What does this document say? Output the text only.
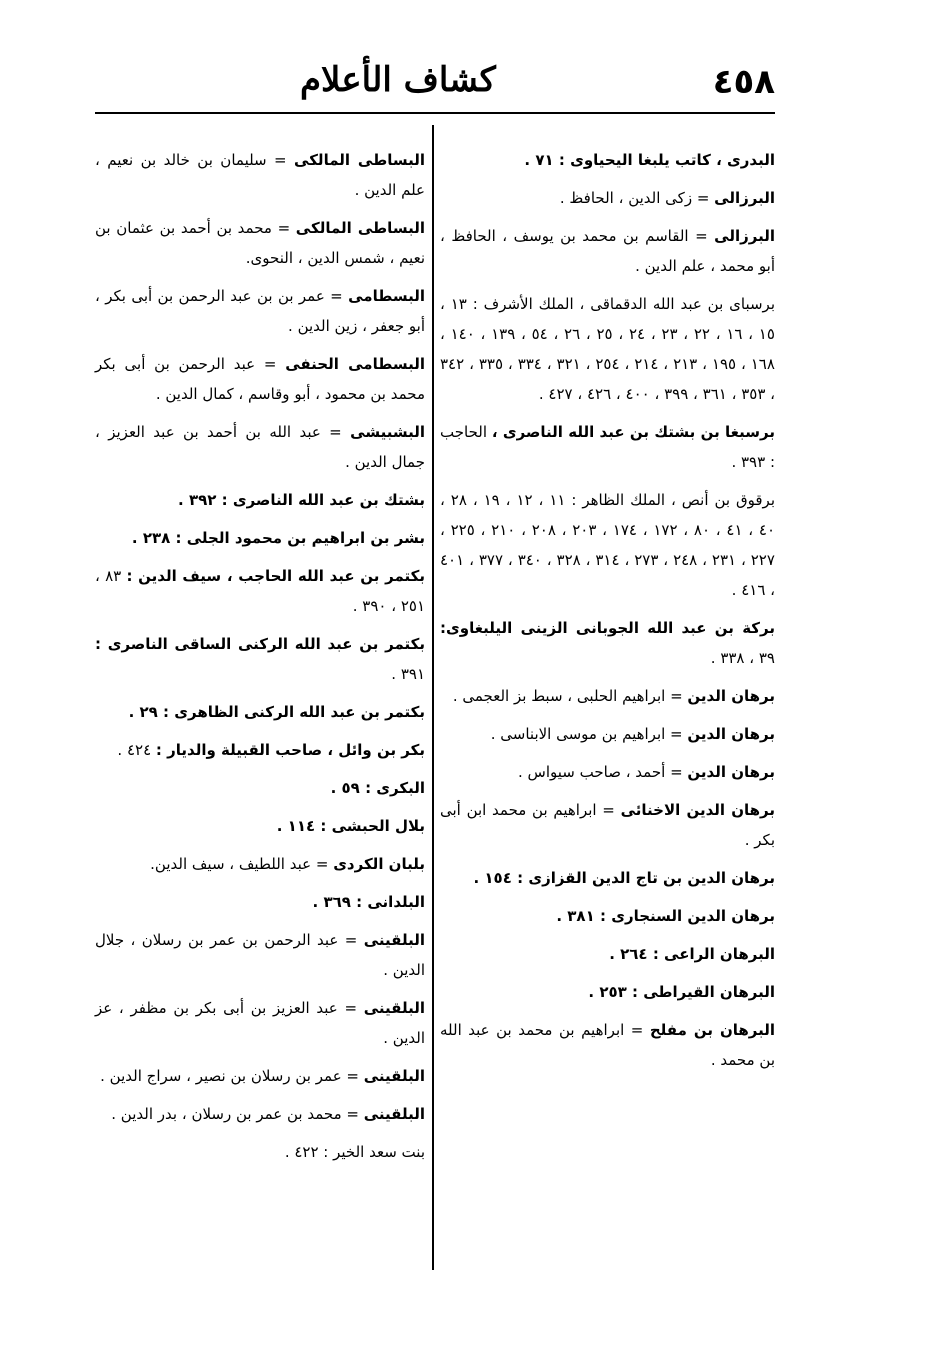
٤٥٨
كشاف الأعلام
البدرى ، كاتب يلبغا اليحياوى : ٧١ .
البرزالى = زكى الدين ، الحافظ .
البرزالى = القاسم بن محمد بن يوسف ، الحافظ ، أبو محمد ، علم الدين .
برسباى بن عبد الله الدقماقى ، الملك الأشرف : ١٣ ، ١٥ ، ١٦ ، ٢٢ ، ٢٣ ، ٢٤ ، ٢٥ ، ٢٦ ، ٥٤ ، ١٣٩ ، ١٤٠ ، ١٦٨ ، ١٩٥ ، ٢١٣ ، ٢١٤ ، ٢٥٤ ، ٣٢١ ، ٣٣٤ ، ٣٣٥ ، ٣٤٢ ، ٣٥٣ ، ٣٦١ ، ٣٩٩ ، ٤٠٠ ، ٤٢٦ ، ٤٢٧ .
برسبغا بن بشتك بن عبد الله الناصرى ، الحاجب : ٣٩٣ .
برقوق بن أنص ، الملك الظاهر : ١١ ، ١٢ ، ١٩ ، ٢٨ ، ٤٠ ، ٤١ ، ٨٠ ، ١٧٢ ، ١٧٤ ، ٢٠٣ ، ٢٠٨ ، ٢١٠ ، ٢٢٥ ، ٢٢٧ ، ٢٣١ ، ٢٤٨ ، ٢٧٣ ، ٣١٤ ، ٣٢٨ ، ٣٤٠ ، ٣٧٧ ، ٤٠١ ، ٤١٦ .
بركة بن عبد الله الجوبانى الزينى اليلبغاوى: ٣٩ ، ٣٣٨ .
برهان الدين = ابراهيم الحلبى ، سبط بز العجمى .
برهان الدين = ابراهيم بن موسى الابناسى .
برهان الدين = أحمد ، صاحب سيواس .
برهان الدين الاخنائى = ابراهيم بن محمد ابن أبى بكر .
برهان الدين بن تاج الدين القزازى : ١٥٤ .
برهان الدين السنجارى : ٣٨١ .
البرهان الراعى : ٢٦٤ .
البرهان القيراطى : ٢٥٣ .
البرهان بن مفلح = ابراهيم بن محمد بن عبد الله بن محمد .
البساطى المالكى = سليمان بن خالد بن نعيم ، علم الدين .
البساطى المالكى = محمد بن أحمد بن عثمان بن نعيم ، شمس الدين ، النحوى.
البسطامى = عمر بن بن عبد الرحمن بن أبى بكر ، أبو جعفر ، زين الدين .
البسطامى الحنفى = عبد الرحمن بن أبى بكر محمد بن محمود ، أبو وقاسم ، كمال الدين .
البشبيشى = عبد الله بن أحمد بن عبد العزيز ، جمال الدين .
بشتك بن عبد الله الناصرى : ٣٩٢ .
بشر بن ابراهيم بن محمود الجلى : ٢٣٨ .
بكتمر بن عبد الله الحاجب ، سيف الدين : ٨٣ ، ٢٥١ ، ٣٩٠ .
بكتمر بن عبد الله الركنى الساقى الناصرى : ٣٩١ .
بكتمر بن عبد الله الركنى الظاهرى : ٢٩ .
بكر بن وائل ، صاحب القبيلة والديار : ٤٢٤ .
البكرى : ٥٩ .
بلال الحبشى : ١١٤ .
بلبان الكردى = عبد اللطيف ، سيف الدين.
البلدانى : ٣٦٩ .
البلقينى = عبد الرحمن بن عمر بن رسلان ، جلال الدين .
البلقينى = عبد العزيز بن أبى بكر بن مظفر ، عز الدين .
البلقينى = عمر بن رسلان بن نصير ، سراج الدين .
البلقينى = محمد بن عمر بن رسلان ، بدر الدين .
بنت سعد الخير : ٤٢٢ .
